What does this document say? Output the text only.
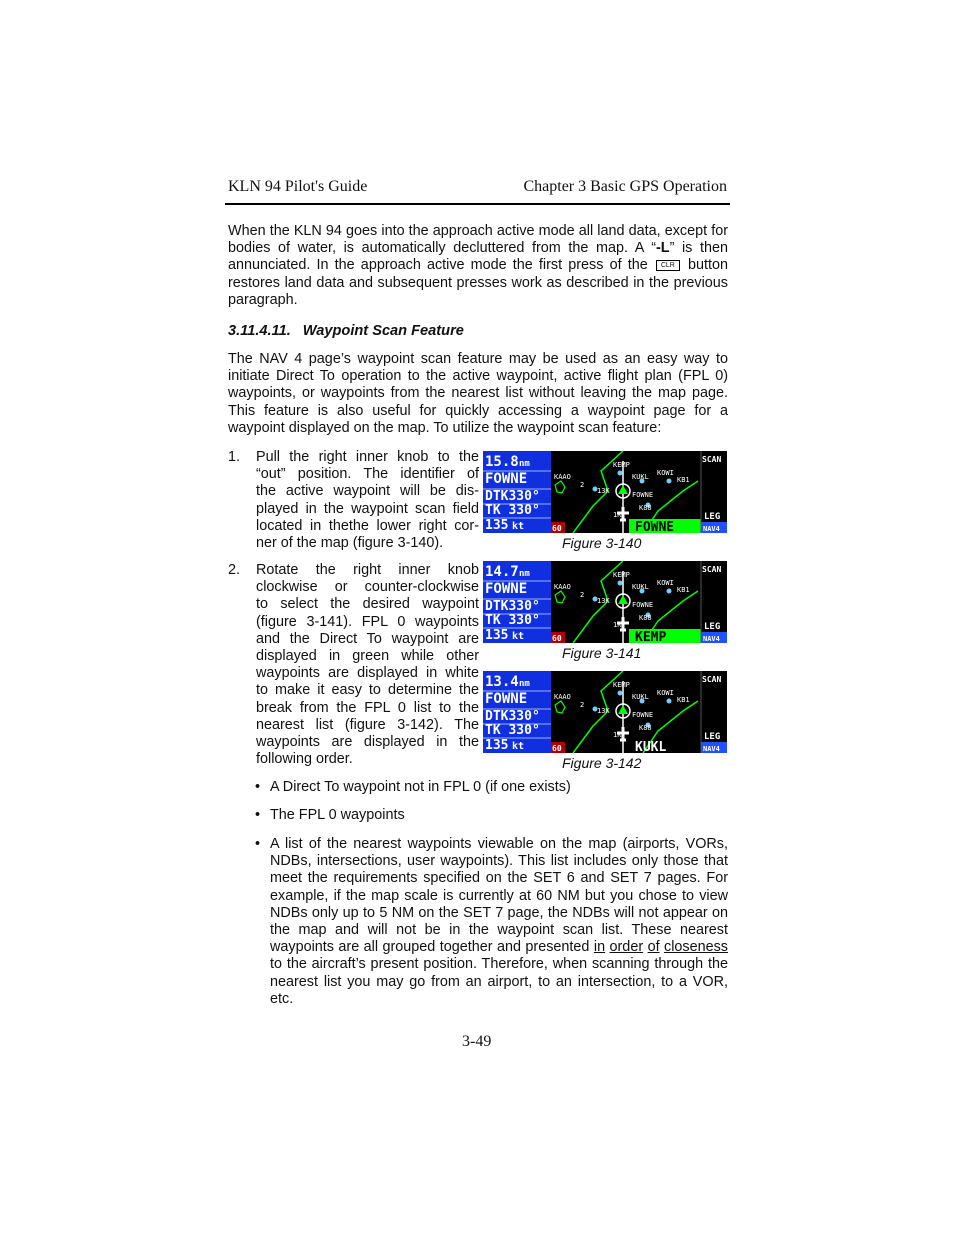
KLN 94 Pilot's Guide	Chapter 3 Basic GPS Operation
When the KLN 94 goes into the approach active mode all land data, except for bodies of water, is automatically decluttered from the map. A “-L” is then annunciated. In the approach active mode the first press of the CLR button restores land data and subsequent presses work as described in the previous paragraph.
3.11.4.11. Waypoint Scan Feature
The NAV 4 page’s waypoint scan feature may be used as an easy way to initiate Direct To operation to the active waypoint, active flight plan (FPL 0) waypoints, or waypoints from the nearest list without leaving the map page. This feature is also useful for quickly accessing a waypoint page for a waypoint displayed on the map. To utilize the waypoint scan feature:
1. Pull the right inner knob to the
“out” position. The identifier of
the active waypoint will be dis-
played in the waypoint scan field
located in thethe lower right cor-
ner of the map (figure 3-140).
2. Rotate the right inner knob
clockwise or counter-clockwise
to select the desired waypoint
(figure 3-141). FPL 0 waypoints
and the Direct To waypoint are
displayed in green while other
waypoints are displayed in white
to make it easy to determine the
break from the FPL 0 list to the
nearest list (figure 3-142). The
waypoints are displayed in the
following order.
15.8 nm
FOWNE
DTK330°
TK 330°
135 kt	60
KEMP
KUKL KOWI
KAAO	KB1
2
13K	FOWNE
K88
1K
FOWNE
SCAN
LEG
NAV4
Figure 3-140
14.7 nm
FOWNE
DTK330°
TK 330°
135 kt	60
KEMP
KUKL KOWI
KAAO	KB1
2
13K	FOWNE
K88
1K
KEMP
SCAN
LEG
NAV4
Figure 3-141
13.4 nm
FOWNE
DTK330°
TK 330°
135 kt	60
KEMP
KUKL KOWI
KAAO	KB1
2
13K	FOWNE
K88
1K
KUKL
SCAN
LEG
NAV4
Figure 3-142
• A Direct To waypoint not in FPL 0 (if one exists)
• The FPL 0 waypoints
• A list of the nearest waypoints viewable on the map (airports, VORs, NDBs, intersections, user waypoints). This list includes only those that meet the requirements specified on the SET 6 and SET 7 pages. For example, if the map scale is currently at 60 NM but you chose to view NDBs only up to 5 NM on the SET 7 page, the NDBs will not appear on the map and will not be in the waypoint scan list. These nearest waypoints are all grouped together and presented in order of closeness to the aircraft’s present position. Therefore, when scanning through the nearest list you may go from an airport, to an intersection, to a VOR, etc.
3-49
